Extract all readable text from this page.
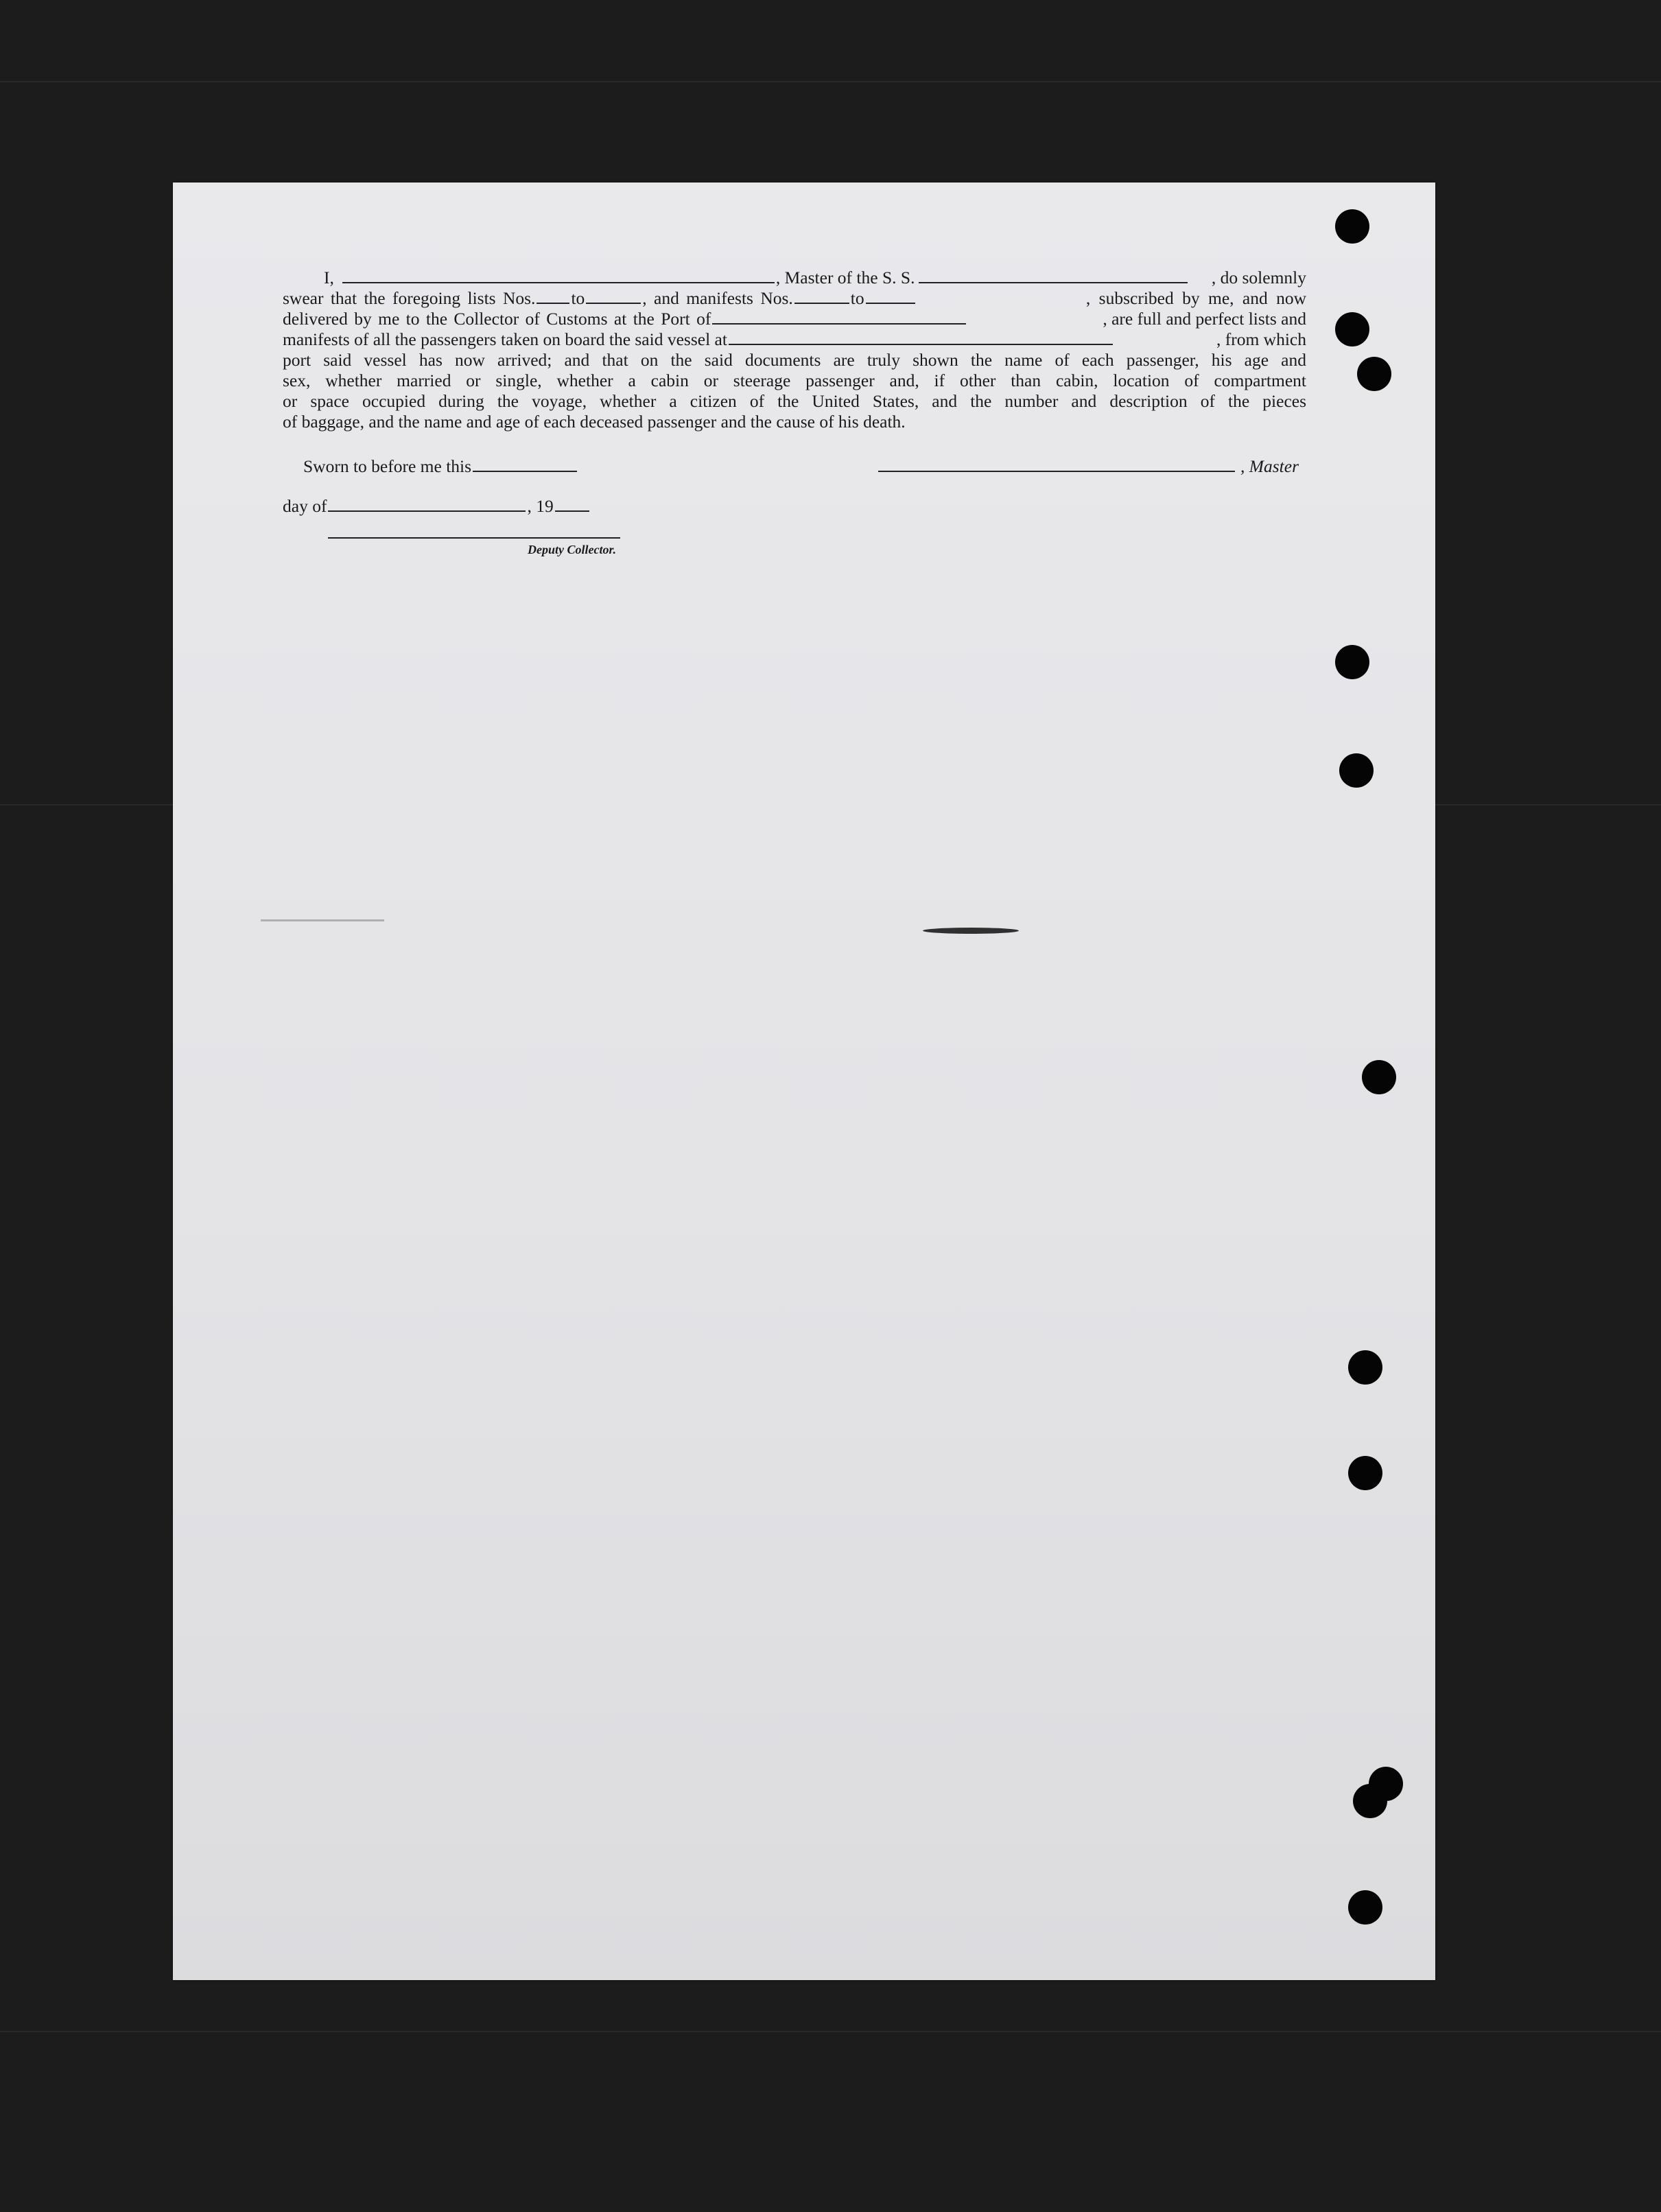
I,	, Master of the S. S.	, do solemnly
swear that the foregoing lists Nos. to	, and manifests Nos.	to	, subscribed by me, and now
delivered by me to the Collector of Customs at the Port of	, are full and perfect lists and
manifests of all the passengers taken on board the said vessel at	, from which
port said vessel has now arrived; and that on the said documents are truly shown the name of each passenger, his age and
sex, whether married or single, whether a cabin or steerage passenger and, if other than cabin, location of compartment
or space occupied during the voyage, whether a citizen of the United States, and the number and description of the pieces
of baggage, and the name and age of each deceased passenger and the cause of his death.
Sworn to before me this	, Master
day of	, 19
Deputy Collector.
